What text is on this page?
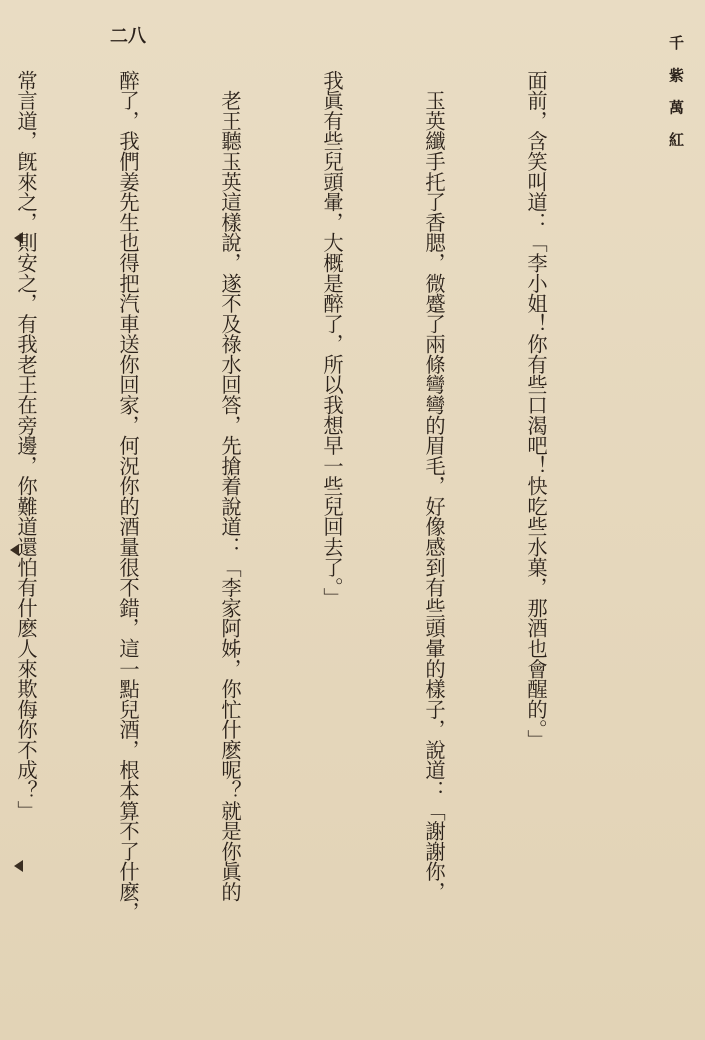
千 紫 萬 紅
二八

面前，含笑叫道：「李小姐！你有些口渴吧！快吃些水菓，那酒也會醒的。」

　玉英纖手托了香腮，微蹙了兩條彎彎的眉毛，好像感到有些頭暈的樣子，說道：「謝謝你，

我眞有些兒頭暈，大概是醉了，所以我想早一些兒回去了。」

　老王聽玉英這樣說，遂不及祿水回答，先搶着說道：「李家阿姊，你忙什麽呢？就是你眞的

醉了，我們姜先生也得把汽車送你回家，何況你的酒量很不錯，這一點兒酒，根本算不了什麽，

常言道，旣來之，則安之，有我老王在旁邊，你難道還怕有什麽人來欺侮你不成？」
